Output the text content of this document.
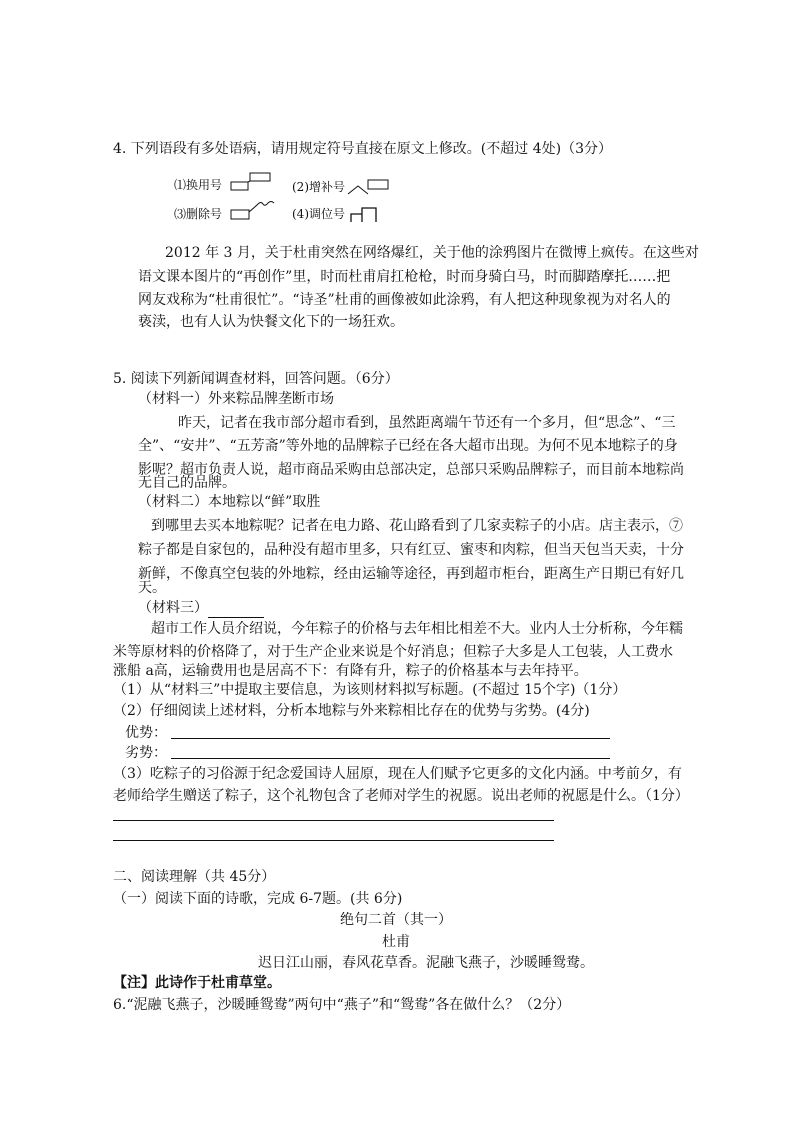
4. 下列语段有多处语病，请用规定符号直接在原文上修改。(不超过 4处)（3分）
⑴换用号	(2)增补号
⑶删除号	(4)调位号
2012 年 3 月，关于杜甫突然在网络爆红，关于他的涂鸦图片在微博上疯传。在这些对
语文课本图片的“再创作”里，时而杜甫肩扛枪枪，时而身骑白马，时而脚踏摩托……把
网友戏称为“杜甫很忙”。“诗圣”杜甫的画像被如此涂鸦，有人把这种现象视为对名人的
亵渎，也有人认为快餐文化下的一场狂欢。
5. 阅读下列新闻调查材料，回答问题。（6分）
（材料一）外来粽品牌垄断市场
昨天，记者在我市部分超市看到，虽然距离端午节还有一个多月，但“思念”、“三
全”、“安井”、“五芳斋”等外地的品牌粽子已经在各大超市出现。为何不见本地粽子的身
影呢？超市负责人说，超市商品采购由总部决定，总部只采购品牌粽子，而目前本地粽尚
无自己的品牌。
（材料二）本地粽以“鲜”取胜
到哪里去买本地粽呢？记者在电力路、花山路看到了几家卖粽子的小店。店主表示，⑦
粽子都是自家包的，品种没有超市里多，只有红豆、蜜枣和肉粽，但当天包当天卖，十分
新鲜，不像真空包装的外地粽，经由运输等途径，再到超市柜台，距离生产日期已有好几
天。
（材料三）
超市工作人员介绍说，今年粽子的价格与去年相比相差不大。业内人士分析称，今年糯
米等原材料的价格降了，对于生产企业来说是个好消息；但粽子大多是人工包装，人工费水
涨船 a高，运输费用也是居高不下：有降有升，粽子的价格基本与去年持平。
（1）从“材料三”中提取主要信息，为该则材料拟写标题。(不超过 15个字)（1分）
（2）仔细阅读上述材料，分析本地粽与外来粽相比存在的优势与劣势。(4分)
优势：
劣势：
（3）吃粽子的习俗源于纪念爱国诗人屈原，现在人们赋予它更多的文化内涵。中考前夕，有
老师给学生赠送了粽子，这个礼物包含了老师对学生的祝愿。说出老师的祝愿是什么。（1分）
二、阅读理解（共 45分）
（一）阅读下面的诗歌，完成 6-7题。(共 6分)
绝句二首（其一）
杜甫
迟日江山丽，春风花草香。泥融飞燕子，沙暖睡鸳鸯。
【注】此诗作于杜甫草堂。
6.“泥融飞燕子，沙暖睡鸳鸯”两句中“燕子”和“鸳鸯”各在做什么？（2分）
